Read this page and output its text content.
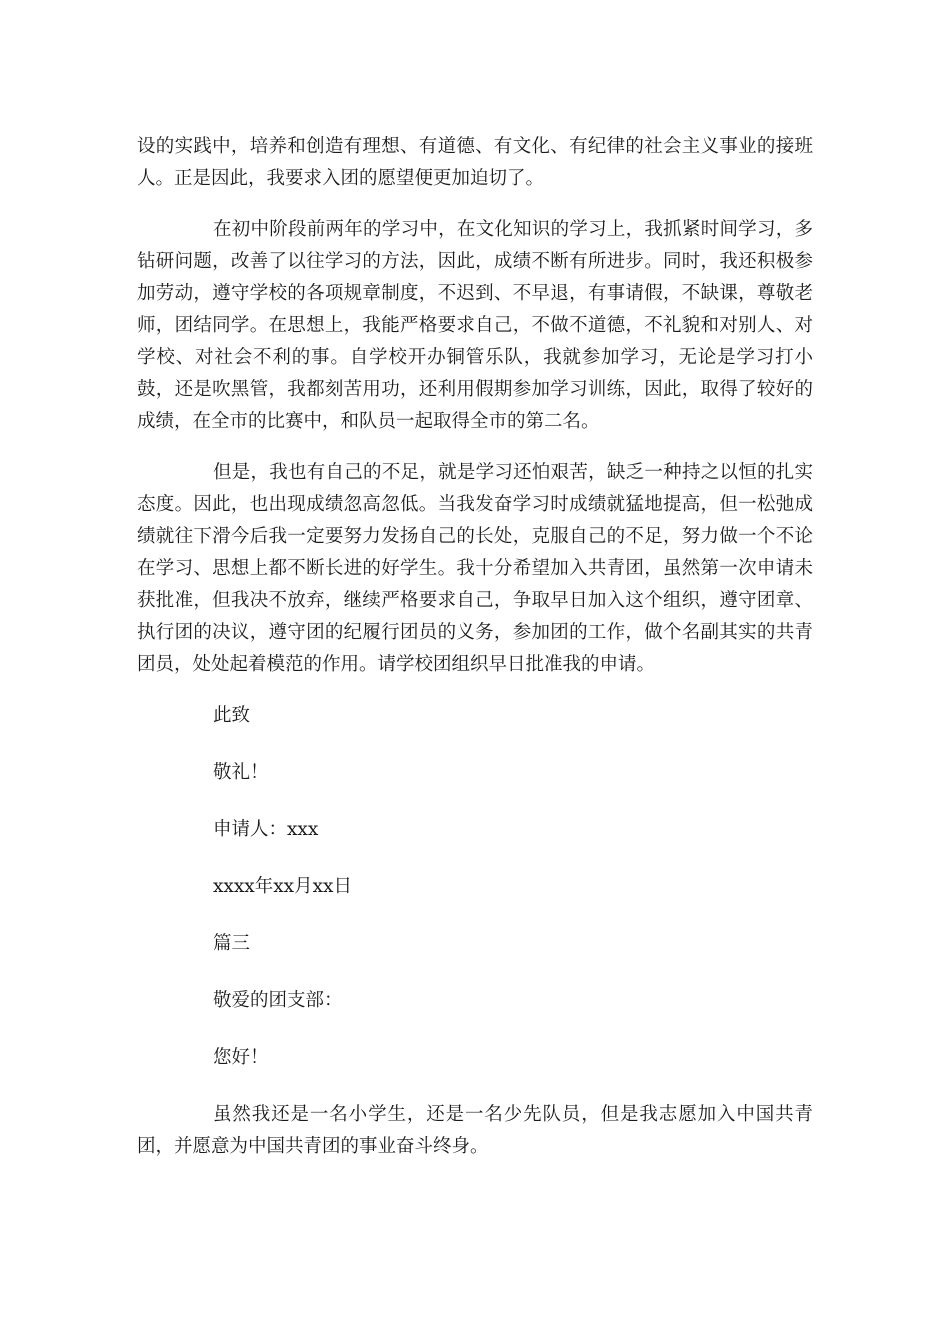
设的实践中，培养和创造有理想、有道德、有文化、有纪律的社会主义事业的接班人。正是因此，我要求入团的愿望便更加迫切了。

在初中阶段前两年的学习中，在文化知识的学习上，我抓紧时间学习，多钻研问题，改善了以往学习的方法，因此，成绩不断有所进步。同时，我还积极参加劳动，遵守学校的各项规章制度，不迟到、不早退，有事请假，不缺课，尊敬老师，团结同学。在思想上，我能严格要求自己，不做不道德，不礼貌和对别人、对学校、对社会不利的事。自学校开办铜管乐队，我就参加学习，无论是学习打小鼓，还是吹黑管，我都刻苦用功，还利用假期参加学习训练，因此，取得了较好的成绩，在全市的比赛中，和队员一起取得全市的第二名。

但是，我也有自己的不足，就是学习还怕艰苦，缺乏一种持之以恒的扎实态度。因此，也出现成绩忽高忽低。当我发奋学习时成绩就猛地提高，但一松弛成绩就往下滑今后我一定要努力发扬自己的长处，克服自己的不足，努力做一个不论在学习、思想上都不断长进的好学生。我十分希望加入共青团，虽然第一次申请未获批准，但我决不放弃，继续严格要求自己，争取早日加入这个组织，遵守团章、执行团的决议，遵守团的纪履行团员的义务，参加团的工作，做个名副其实的共青团员，处处起着模范的作用。请学校团组织早日批准我的申请。

此致

敬礼！

申请人：xxx

xxxx年xx月xx日

篇三

敬爱的团支部：

您好！

虽然我还是一名小学生，还是一名少先队员，但是我志愿加入中国共青团，并愿意为中国共青团的事业奋斗终身。
